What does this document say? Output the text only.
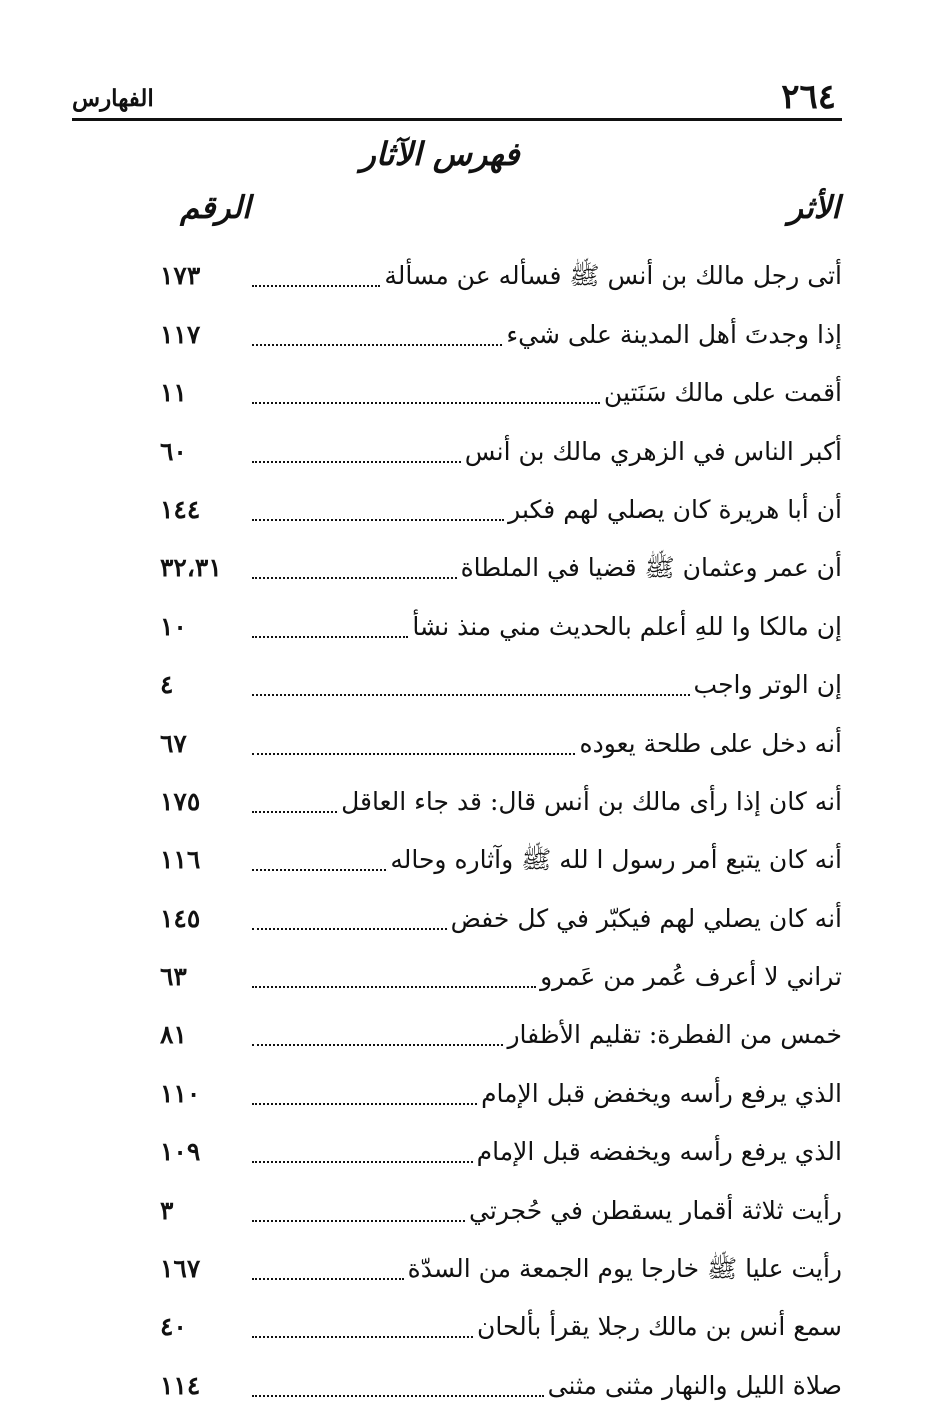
٢٦٤
الفهارس
فهرس الآثار
الأثر
الرقم
أتى رجل مالك بن أنس ﷺ فسأله عن مسألة
١٧٣
إذا وجدتَ أهل المدينة على شيء
١١٧
أقمت على مالك سَنَتين
١١
أكبر الناس في الزهري مالك بن أنس
٦٠
أن أبا هريرة كان يصلي لهم فكبر
١٤٤
أن عمر وعثمان ﷺ قضيا في الملطاة
٣٢،٣١
إن مالكا وا للهِ أعلم بالحديث مني منذ نشأ
١٠
إن الوتر واجب
٤
أنه دخل على طلحة يعوده
٦٧
أنه كان إذا رأى مالك بن أنس قال: قد جاء العاقل
١٧٥
أنه كان يتبع أمر رسول ا لله ﷺ وآثاره وحاله
١١٦
أنه كان يصلي لهم فيكبّر في كل خفض
١٤٥
تراني لا أعرف عُمر من عَمرو
٦٣
خمس من الفطرة: تقليم الأظفار
٨١
الذي يرفع رأسه ويخفض قبل الإمام
١١٠
الذي يرفع رأسه ويخفضه قبل الإمام
١٠٩
رأيت ثلاثة أقمار يسقطن في حُجرتي
٣
رأيت عليا ﷺ خارجا يوم الجمعة من السدّة
١٦٧
سمع أنس بن مالك رجلا يقرأ بألحان
٤٠
صلاة الليل والنهار مثنى مثنى
١١٤
